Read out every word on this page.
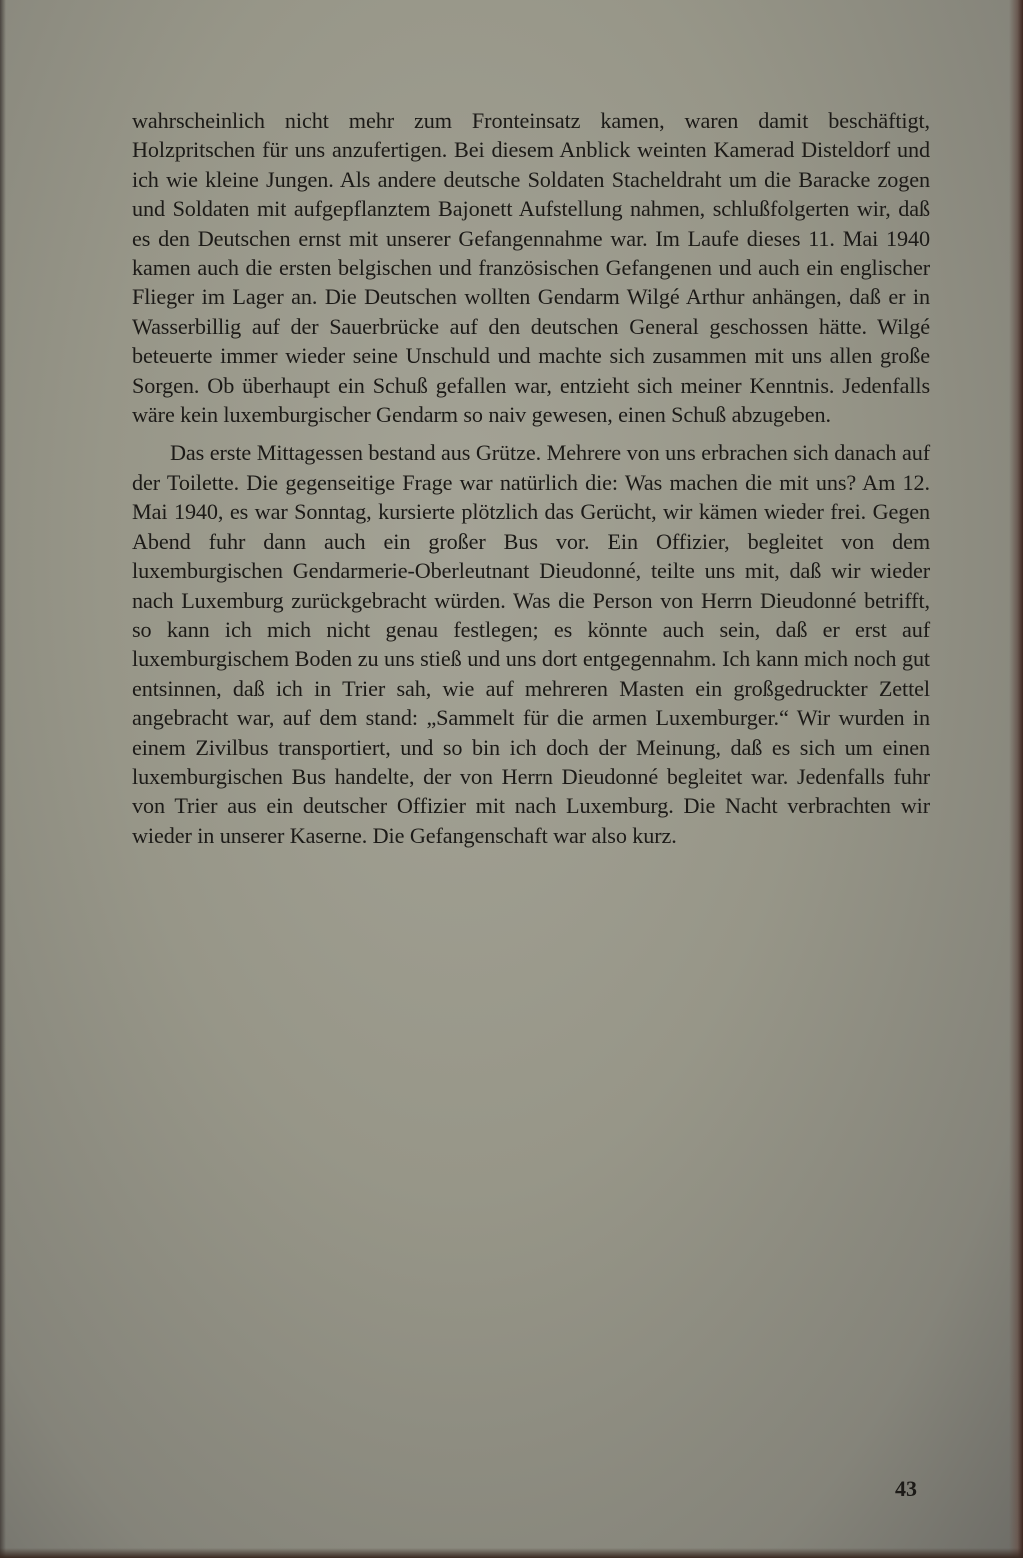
wahrscheinlich nicht mehr zum Fronteinsatz kamen, waren damit beschäftigt, Holzpritschen für uns anzufertigen. Bei diesem Anblick weinten Kamerad Disteldorf und ich wie kleine Jungen. Als andere deutsche Soldaten Stacheldraht um die Baracke zogen und Soldaten mit aufgepflanztem Bajonett Aufstellung nahmen, schlußfolgerten wir, daß es den Deutschen ernst mit unserer Gefangennahme war. Im Laufe dieses 11. Mai 1940 kamen auch die ersten belgischen und französischen Gefangenen und auch ein englischer Flieger im Lager an. Die Deutschen wollten Gendarm Wilgé Arthur anhängen, daß er in Wasserbillig auf der Sauerbrücke auf den deutschen General geschossen hätte. Wilgé beteuerte immer wieder seine Unschuld und machte sich zusammen mit uns allen große Sorgen. Ob überhaupt ein Schuß gefallen war, entzieht sich meiner Kenntnis. Jedenfalls wäre kein luxemburgischer Gendarm so naiv gewesen, einen Schuß abzugeben.

Das erste Mittagessen bestand aus Grütze. Mehrere von uns erbrachen sich danach auf der Toilette. Die gegenseitige Frage war natürlich die: Was machen die mit uns? Am 12. Mai 1940, es war Sonntag, kursierte plötzlich das Gerücht, wir kämen wieder frei. Gegen Abend fuhr dann auch ein großer Bus vor. Ein Offizier, begleitet von dem luxemburgischen Gendarmerie-Oberleutnant Dieudonné, teilte uns mit, daß wir wieder nach Luxemburg zurückgebracht würden. Was die Person von Herrn Dieudonné betrifft, so kann ich mich nicht genau festlegen; es könnte auch sein, daß er erst auf luxemburgischem Boden zu uns stieß und uns dort entgegennahm. Ich kann mich noch gut entsinnen, daß ich in Trier sah, wie auf mehreren Masten ein großgedruckter Zettel angebracht war, auf dem stand: „Sammelt für die armen Luxemburger.“ Wir wurden in einem Zivilbus transportiert, und so bin ich doch der Meinung, daß es sich um einen luxemburgischen Bus handelte, der von Herrn Dieudonné begleitet war. Jedenfalls fuhr von Trier aus ein deutscher Offizier mit nach Luxemburg. Die Nacht verbrachten wir wieder in unserer Kaserne. Die Gefangenschaft war also kurz.

43
